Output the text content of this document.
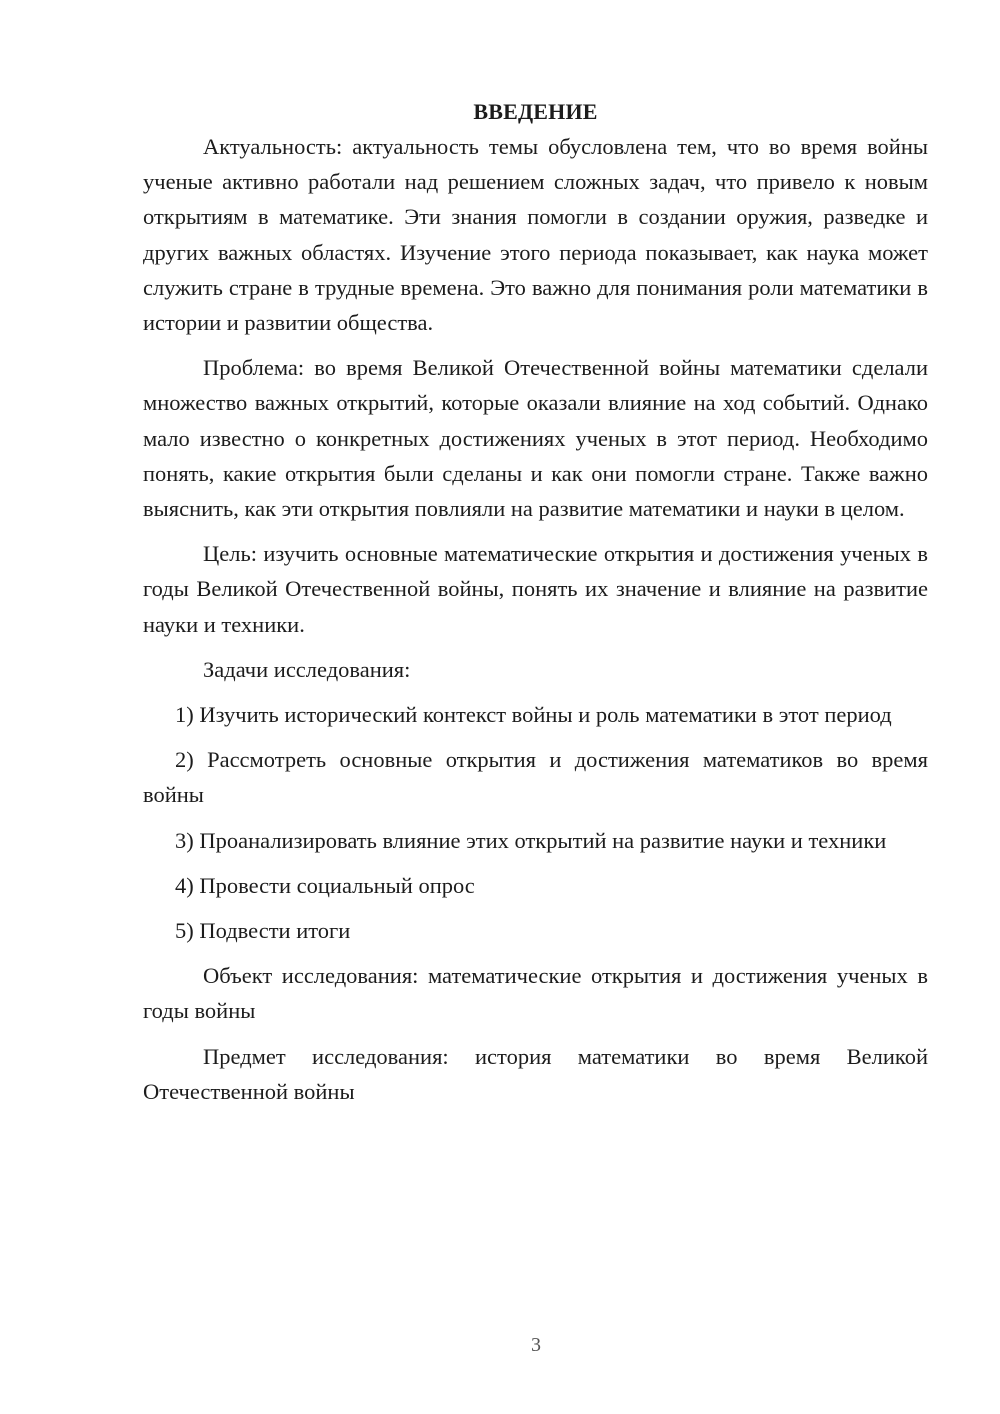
ВВЕДЕНИЕ

Актуальность: актуальность темы обусловлена тем, что во время войны ученые активно работали над решением сложных задач, что привело к новым открытиям в математике. Эти знания помогли в создании оружия, разведке и других важных областях. Изучение этого периода показывает, как наука может служить стране в трудные времена. Это важно для понимания роли математики в истории и развитии общества.

Проблема: во время Великой Отечественной войны математики сделали множество важных открытий, которые оказали влияние на ход событий. Однако мало известно о конкретных достижениях ученых в этот период. Необходимо понять, какие открытия были сделаны и как они помогли стране. Также важно выяснить, как эти открытия повлияли на развитие математики и науки в целом.

Цель: изучить основные математические открытия и достижения ученых в годы Великой Отечественной войны, понять их значение и влияние на развитие науки и техники.

Задачи исследования:

1) Изучить исторический контекст войны и роль математики в этот период

2) Рассмотреть основные открытия и достижения математиков во время войны

3) Проанализировать влияние этих открытий на развитие науки и техники

4) Провести социальный опрос

5) Подвести итоги

Объект исследования: математические открытия и достижения ученых в годы войны

Предмет исследования: история математики во время Великой Отечественной войны

3
